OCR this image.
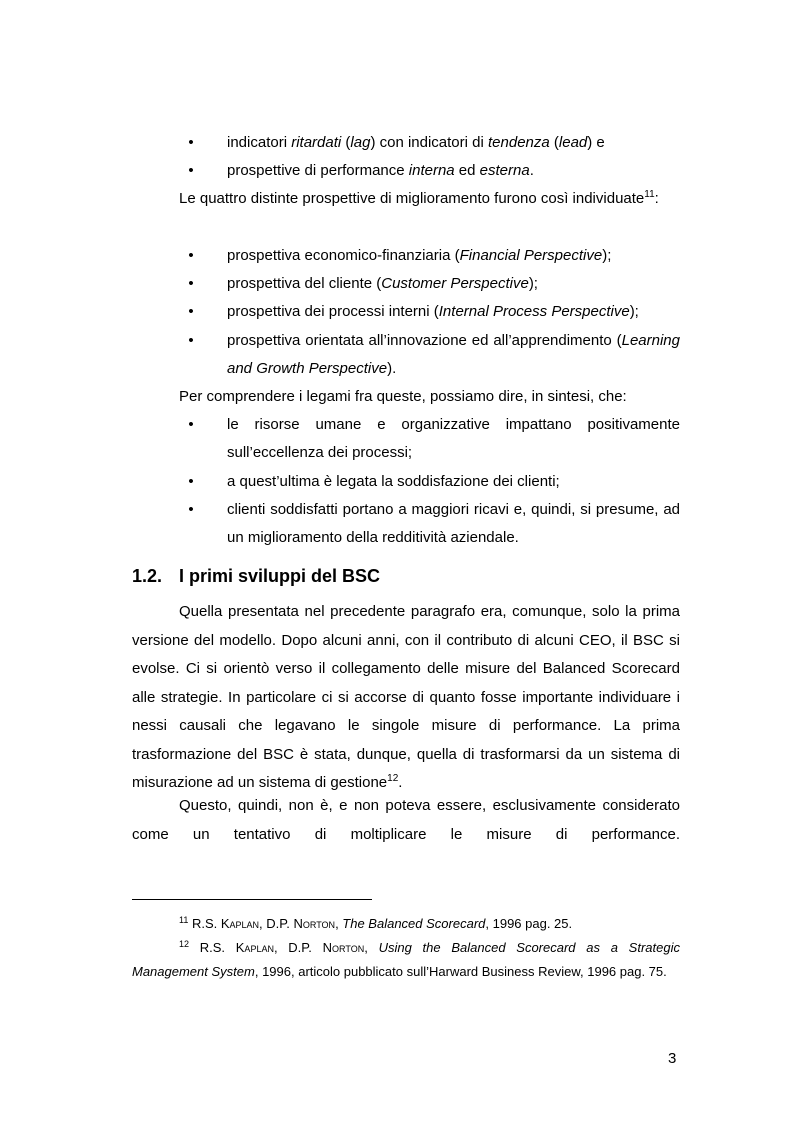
• indicatori ritardati (lag) con indicatori di tendenza (lead) e
• prospettive di performance interna ed esterna.
Le quattro distinte prospettive di miglioramento furono così individuate$^{11}$:
• prospettiva economico-finanziaria (Financial Perspective);
• prospettiva del cliente (Customer Perspective);
• prospettiva dei processi interni (Internal Process Perspective);
• prospettiva orientata all’innovazione ed all’apprendimento (Learning and Growth Perspective).
Per comprendere i legami fra queste, possiamo dire, in sintesi, che:
• le risorse umane e organizzative impattano positivamente sull’eccellenza dei processi;
• a quest’ultima è legata la soddisfazione dei clienti;
• clienti soddisfatti portano a maggiori ricavi e, quindi, si presume, ad un miglioramento della redditività aziendale.
1.2. I primi sviluppi del BSC
Quella presentata nel precedente paragrafo era, comunque, solo la prima versione del modello. Dopo alcuni anni, con il contributo di alcuni CEO, il BSC si evolse. Ci si orientò verso il collegamento delle misure del Balanced Scorecard alle strategie. In particolare ci si accorse di quanto fosse importante individuare i nessi causali che legavano le singole misure di performance. La prima trasformazione del BSC è stata, dunque, quella di trasformarsi da un sistema di misurazione ad un sistema di gestione$^{12}$.
Questo, quindi, non è, e non poteva essere, esclusivamente considerato come un tentativo di moltiplicare le misure di performance.
$^{11}$ R.S. Kaplan, D.P. Norton, The Balanced Scorecard, 1996 pag. 25.
$^{12}$ R.S. Kaplan, D.P. Norton, Using the Balanced Scorecard as a Strategic Management System, 1996, articolo pubblicato sull’Harward Business Review, 1996 pag. 75.
3
